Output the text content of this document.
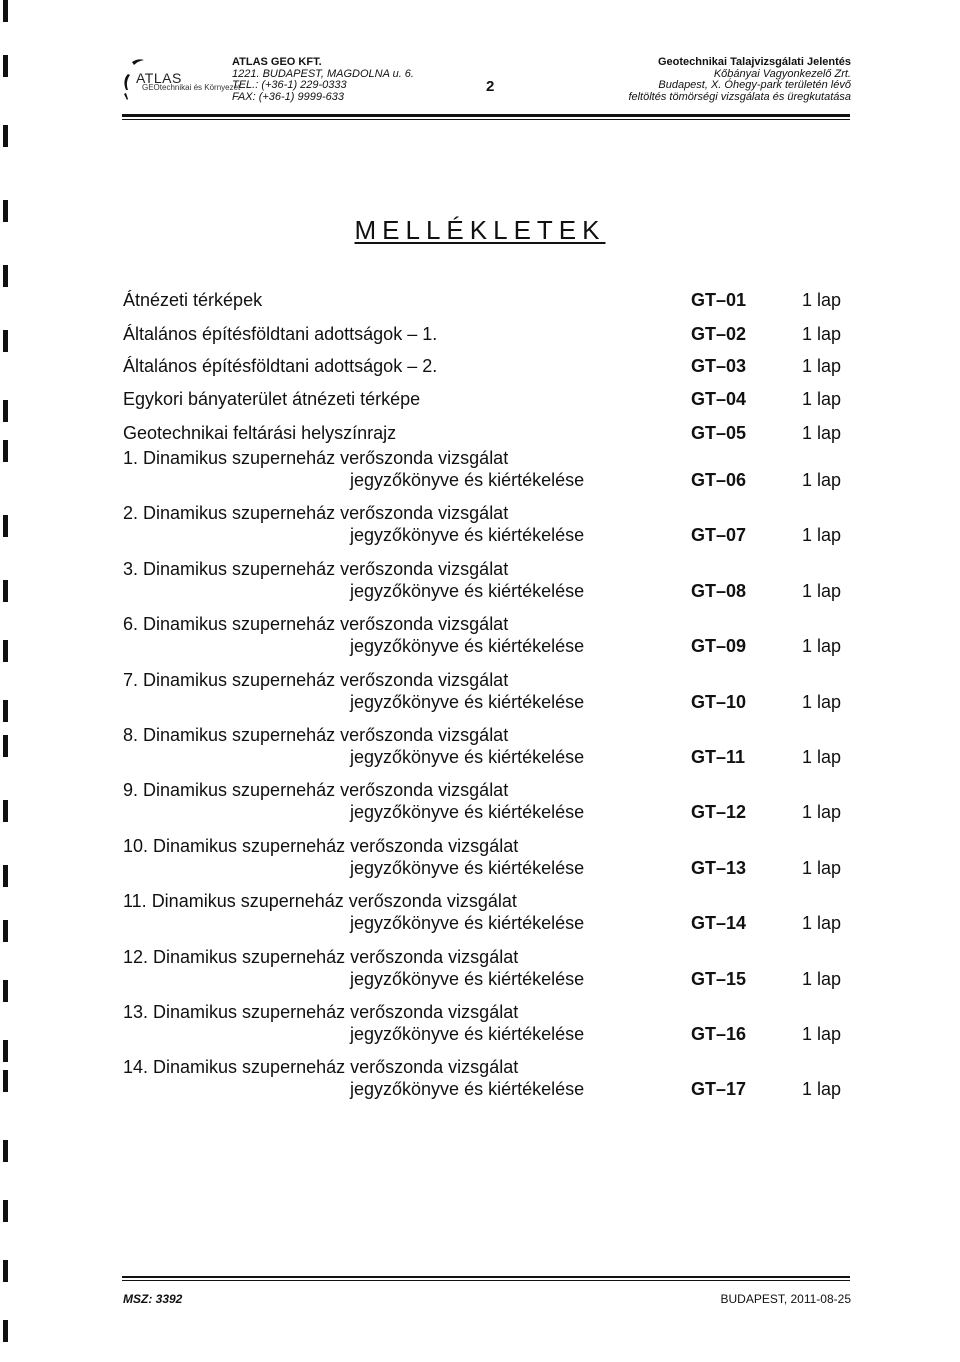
ATLAS
GEOtechnikai és Környezet
ATLAS GEO KFT.
1221. BUDAPEST, MAGDOLNA u. 6.
TEL.: (+36-1) 229-0333
FAX: (+36-1) 9999-633
2
Geotechnikai Talajvizsgálati Jelentés
Kőbányai Vagyonkezelő Zrt.
Budapest, X. Óhegy-park területén lévő
feltöltés tömörségi vizsgálata és üregkutatása
MELLÉKLETEK
Átnézeti térképek	GT–01	1 lap
Általános építésföldtani adottságok – 1.	GT–02	1 lap
Általános építésföldtani adottságok – 2.	GT–03	1 lap
Egykori bányaterület átnézeti térképe	GT–04	1 lap
Geotechnikai feltárási helyszínrajz	GT–05	1 lap
1. Dinamikus szuperneház verőszonda vizsgálat
jegyzőkönyve és kiértékelése	GT–06	1 lap
2. Dinamikus szuperneház verőszonda vizsgálat
jegyzőkönyve és kiértékelése	GT–07	1 lap
3. Dinamikus szuperneház verőszonda vizsgálat
jegyzőkönyve és kiértékelése	GT–08	1 lap
6. Dinamikus szuperneház verőszonda vizsgálat
jegyzőkönyve és kiértékelése	GT–09	1 lap
7. Dinamikus szuperneház verőszonda vizsgálat
jegyzőkönyve és kiértékelése	GT–10	1 lap
8. Dinamikus szuperneház verőszonda vizsgálat
jegyzőkönyve és kiértékelése	GT–11	1 lap
9. Dinamikus szuperneház verőszonda vizsgálat
jegyzőkönyve és kiértékelése	GT–12	1 lap
10. Dinamikus szuperneház verőszonda vizsgálat
jegyzőkönyve és kiértékelése	GT–13	1 lap
11. Dinamikus szuperneház verőszonda vizsgálat
jegyzőkönyve és kiértékelése	GT–14	1 lap
12. Dinamikus szuperneház verőszonda vizsgálat
jegyzőkönyve és kiértékelése	GT–15	1 lap
13. Dinamikus szuperneház verőszonda vizsgálat
jegyzőkönyve és kiértékelése	GT–16	1 lap
14. Dinamikus szuperneház verőszonda vizsgálat
jegyzőkönyve és kiértékelése	GT–17	1 lap
MSZ: 3392	BUDAPEST, 2011-08-25
